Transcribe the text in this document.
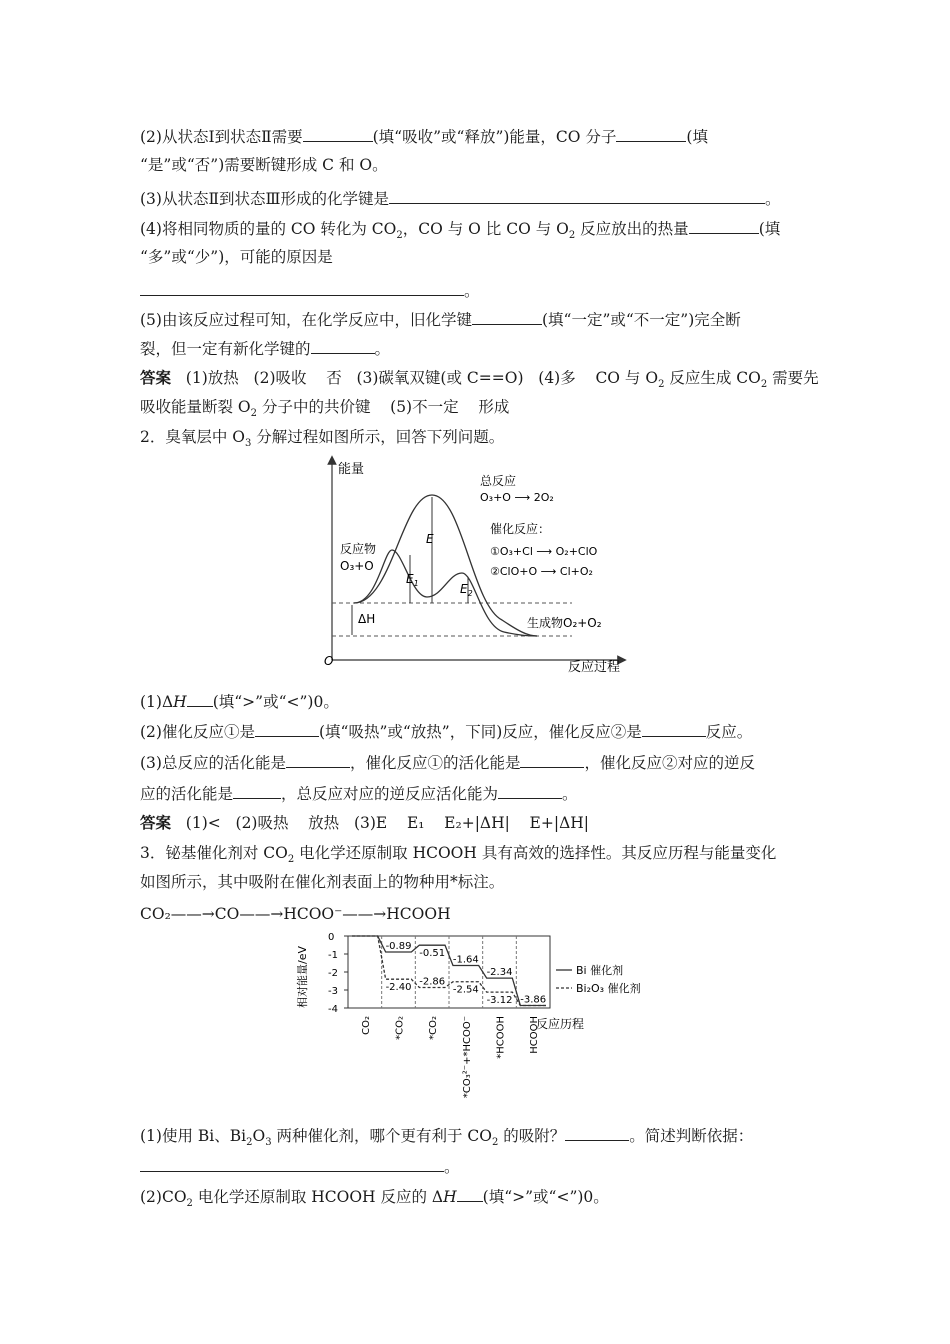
(2)从状态Ⅰ到状态Ⅱ需要	(填“吸收”或“释放”)能量，CO 分子	(填
“是”或“否”)需要断键形成 C 和 O。
(3)从状态Ⅱ到状态Ⅲ形成的化学键是	。
(4)将相同物质的量的 CO 转化为 $CO_2$，CO 与 O 比 CO 与 $O_2$ 反应放出的热量	(填
“多”或“少”)，可能的原因是
。
(5)由该反应过程可知，在化学反应中，旧化学键	(填“一定”或“不一定”)完全断
裂，但一定有新化学键的	。
答案   (1)放热   (2)吸收    否   (3)碳氧双键(或 C==O)   (4)多    CO 与 $O_2$ 反应生成 $CO_2$ 需要先
吸收能量断裂 $O_2$ 分子中的共价键    (5)不一定    形成
2．臭氧层中 $O_3$ 分解过程如图所示，回答下列问题。
能量
反应过程
O
E
$E_1$	$E_2$
ΔH
反应物
O₃+O
生成物O₂+O₂
总反应
O₃+O ⟶ 2O₂
催化反应：
①O₃+Cl ⟶ O₂+ClO
②ClO+O ⟶ Cl+O₂
(1)ΔH (填“>”或“<”)0。
(2)催化反应①是	(填“吸热”或“放热”，下同)反应，催化反应②是	反应。
(3)总反应的活化能是	，催化反应①的活化能是	，催化反应②对应的逆反
应的活化能是	，总反应对应的逆反应活化能为	。
答案   (1)<   (2)吸热    放热   (3)E    E₁    E₂+|ΔH|    E+|ΔH|
3．铋基催化剂对 $CO_2$ 电化学还原制取 HCOOH 具有高效的选择性。其反应历程与能量变化
如图所示，其中吸附在催化剂表面上的物种用*标注。
CO₂——→CO——→HCOO⁻——→HCOOH
相对能量/eV
反应历程
0
-1
-2
-3
-4
-0.89
-0.51
-1.64
-2.34
-3.86
-2.40
-2.86
-2.54
-3.12
CO₂ *CO₂ *CO₂ *CO₃²⁻+*HCOO⁻ *HCOOH HCOOH
Bi 催化剂
Bi₂O₃ 催化剂
(1)使用 Bi、$Bi_2O_3$ 两种催化剂，哪个更有利于 $CO_2$ 的吸附？	。简述判断依据：
。
$(2)CO_2$ 电化学还原制取 HCOOH 反应的 ΔH (填“>”或“<”)0。
